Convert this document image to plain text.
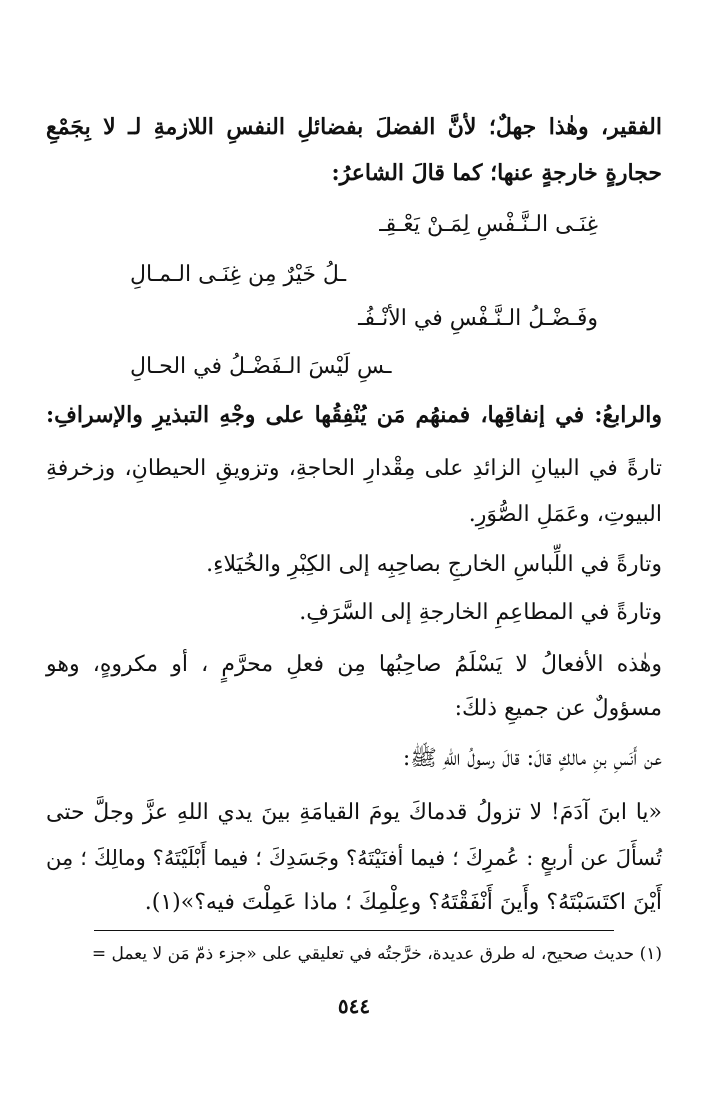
الفقير، وهٰذا جهلٌ؛ لأنَّ الفضلَ بفضائلِ النفسِ اللازمةِ لـ لا بِجَمْعِ
حجارةٍ خارجةٍ عنها؛ كما قالَ الشاعرُ:
غِنَـى الـنَّـفْسِ لِمَـنْ يَعْـقِـ
ـلُ خَيْرٌ مِن غِنَـى الـمـالِ
وفَـضْـلُ الـنَّـفْسِ في الأنْـفُـ
ـسِ لَيْسَ الـفَضْـلُ في الحـالِ
والرابعُ: في إنفاقِها، فمنهُم مَن يُنْفِقُها على وجْهِ التبذيرِ والإسرافِ:
تارةً في البيانِ الزائدِ على مِقْدارِ الحاجةِ، وتزويقِ الحيطانِ، وزخرفةِ
البيوتِ، وعَمَلِ الصُّوَرِ.
وتارةً في اللِّباسِ الخارجِ بصاحِبِه إلى الكِبْرِ والخُيَلاءِ.
وتارةً في المطاعِمِ الخارجةِ إلى السَّرَفِ.
وهٰذه الأفعالُ لا يَسْلَمُ صاحِبُها مِن فعلِ محرَّمٍ ، أو مكروهٍ، وهو
مسؤولٌ عن جميعِ ذلكَ:
عن أَنَسِ بنِ مالكٍ قالَ: قالَ رسولُ اللهِ ﷺ:
«يا ابنَ آدَمَ! لا تزولُ قدماكَ يومَ القيامَةِ بينَ يدي اللهِ عزَّ وجلَّ حتى
تُسأَلَ عن أربعٍ : عُمرِكَ ؛ فيما أفنَيْتَهُ؟ وجَسَدِكَ ؛ فيما أَبْلَيْتَهُ؟ ومالِكَ ؛ مِن
أَيْنَ اكتَسَبْتَهُ؟ وأَينَ أَنْفَقْتَهُ؟ وعِلْمِكَ ؛ ماذا عَمِلْتَ فيه؟»(١).
(١) حديث صحيح، له طرق عديدة، خرَّجتُه في تعليقي على «جزء ذمّ مَن لا يعمل =
٥٤٤
